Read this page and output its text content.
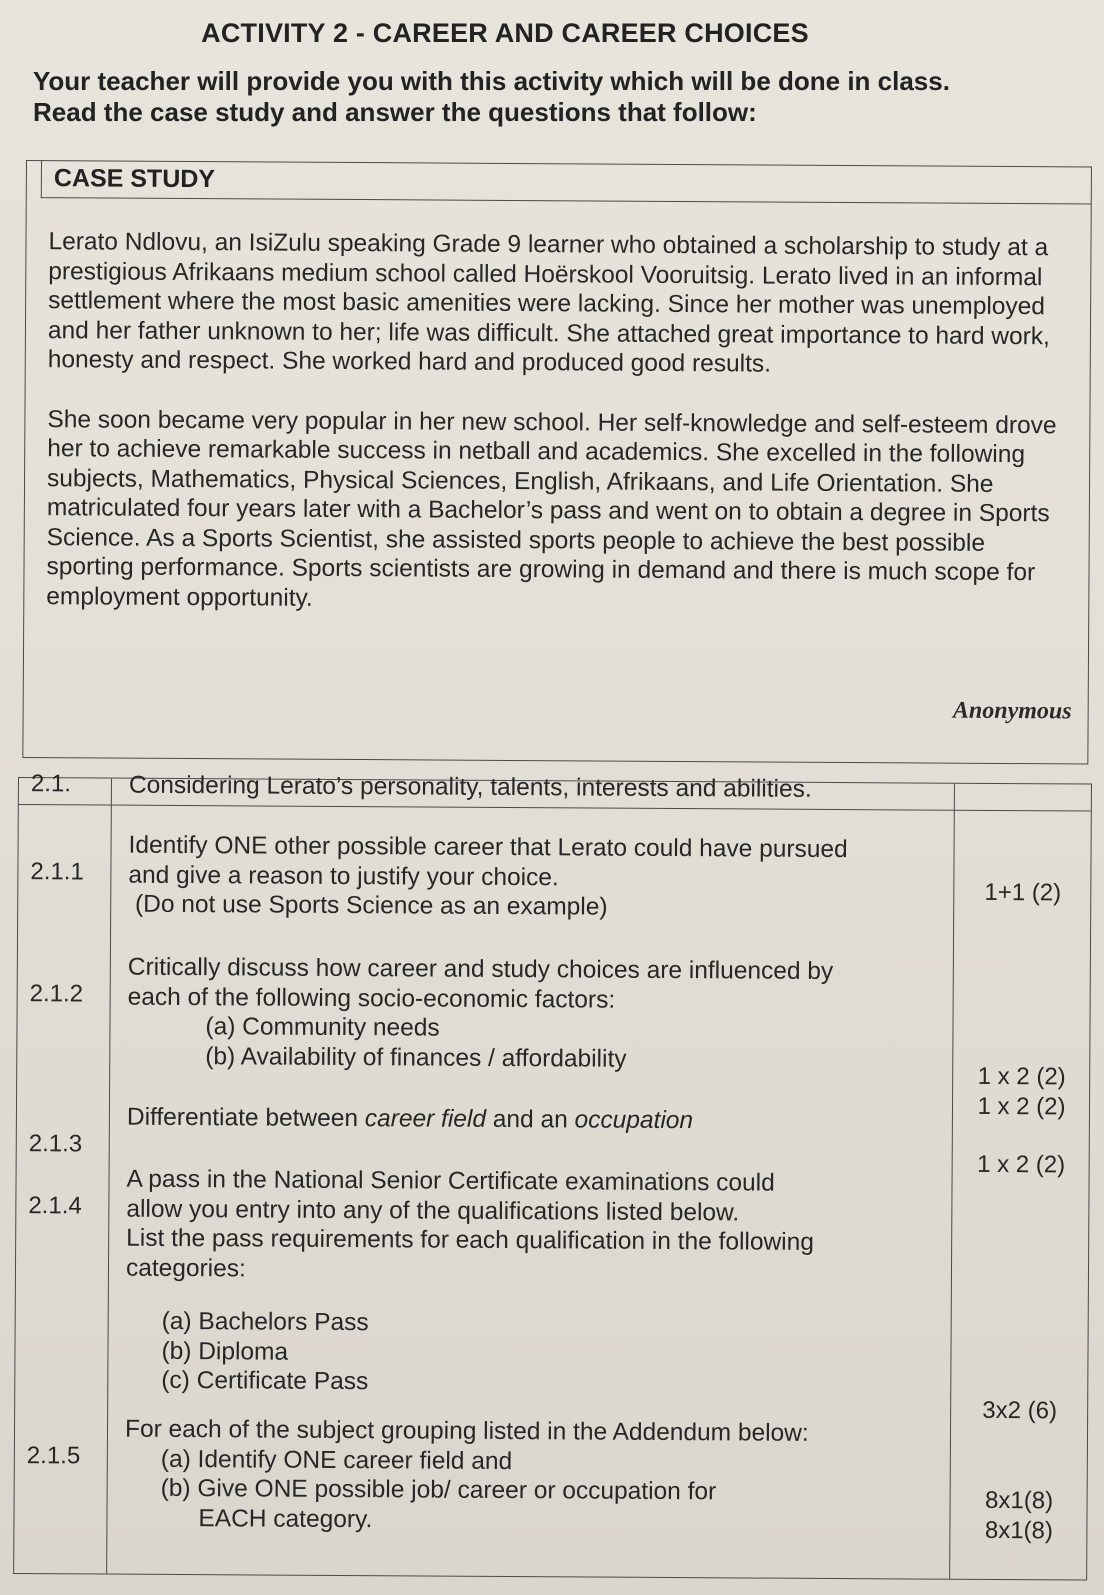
ACTIVITY 2 - CAREER AND CAREER CHOICES
Your teacher will provide you with this activity which will be done in class.
Read the case study and answer the questions that follow:
CASE STUDY

Lerato Ndlovu, an IsiZulu speaking Grade 9 learner who obtained a scholarship to study at a prestigious Afrikaans medium school called Hoërskool Vooruitsig. Lerato lived in an informal settlement where the most basic amenities were lacking. Since her mother was unemployed and her father unknown to her; life was difficult. She attached great importance to hard work, honesty and respect. She worked hard and produced good results.

She soon became very popular in her new school. Her self-knowledge and self-esteem drove her to achieve remarkable success in netball and academics. She excelled in the following subjects, Mathematics, Physical Sciences, English, Afrikaans, and Life Orientation. She matriculated four years later with a Bachelor’s pass and went on to obtain a degree in Sports Science. As a Sports Scientist, she assisted sports people to achieve the best possible sporting performance. Sports scientists are growing in demand and there is much scope for employment opportunity.

Anonymous
2.1. Considering Lerato’s personality, talents, interests and abilities.
2.1.1
Identify ONE other possible career that Lerato could have pursued
and give a reason to justify your choice.
(Do not use Sports Science as an example)	1+1 (2)
2.1.2
Critically discuss how career and study choices are influenced by
each of the following socio-economic factors:
(a) Community needs
(b) Availability of finances / affordability
1 x 2 (2)
1 x 2 (2)
2.1.3
Differentiate between career field and an occupation
1 x 2 (2)
2.1.4
A pass in the National Senior Certificate examinations could
allow you entry into any of the qualifications listed below.
List the pass requirements for each qualification in the following
categories:
(a) Bachelors Pass
(b) Diploma
(c) Certificate Pass
3x2 (6)
2.1.5
For each of the subject grouping listed in the Addendum below:
(a) Identify ONE career field and
(b) Give ONE possible job/ career or occupation for
EACH category.
8x1(8)
8x1(8)
